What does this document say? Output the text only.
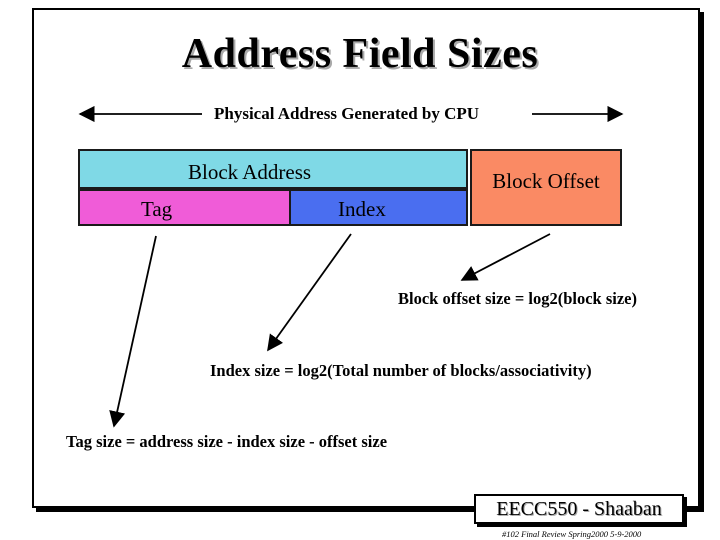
Address Field Sizes
Physical Address Generated by CPU
Block Address
Tag	Index
Block Offset
Block offset size = log2(block size)
Index size = log2(Total number of blocks/associativity)
Tag size = address size - index size - offset size
EECC550 - Shaaban
#102 Final Review Spring2000 5-9-2000
